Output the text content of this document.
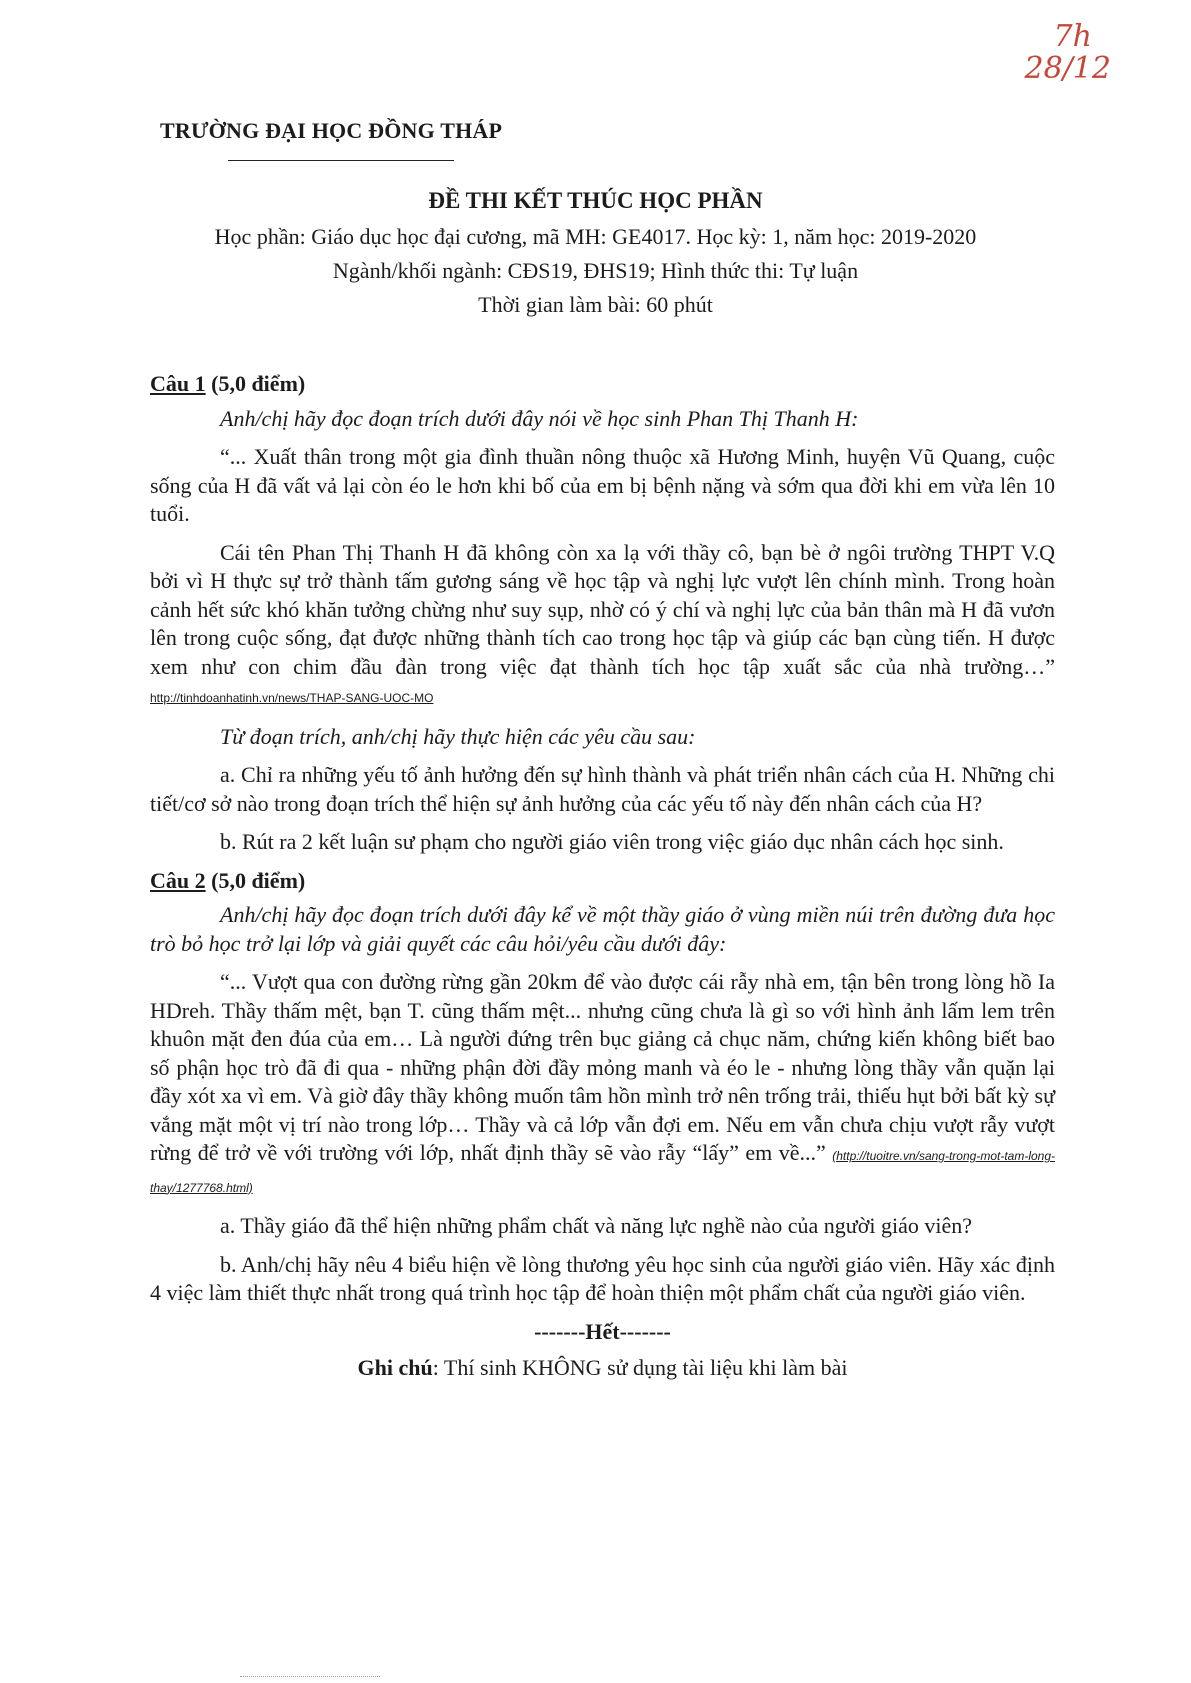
7h
28/12
TRƯỜNG ĐẠI HỌC ĐỒNG THÁP
ĐỀ THI KẾT THÚC HỌC PHẦN
Học phần: Giáo dục học đại cương, mã MH: GE4017. Học kỳ: 1, năm học: 2019-2020
Ngành/khối ngành: CĐS19, ĐHS19; Hình thức thi: Tự luận
Thời gian làm bài: 60 phút
Câu 1 (5,0 điểm)

Anh/chị hãy đọc đoạn trích dưới đây nói về học sinh Phan Thị Thanh H:

“... Xuất thân trong một gia đình thuần nông thuộc xã Hương Minh, huyện Vũ Quang, cuộc sống của H đã vất vả lại còn éo le hơn khi bố của em bị bệnh nặng và sớm qua đời khi em vừa lên 10 tuổi.

Cái tên Phan Thị Thanh H đã không còn xa lạ với thầy cô, bạn bè ở ngôi trường THPT V.Q bởi vì H thực sự trở thành tấm gương sáng về học tập và nghị lực vượt lên chính mình. Trong hoàn cảnh hết sức khó khăn tưởng chừng như suy sụp, nhờ có ý chí và nghị lực của bản thân mà H đã vươn lên trong cuộc sống, đạt được những thành tích cao trong học tập và giúp các bạn cùng tiến. H được xem như con chim đầu đàn trong việc đạt thành tích học tập xuất sắc của nhà trường…” http://tinhdoanhatinh.vn/news/THAP-SANG-UOC-MO

Từ đoạn trích, anh/chị hãy thực hiện các yêu cầu sau:

a. Chỉ ra những yếu tố ảnh hưởng đến sự hình thành và phát triển nhân cách của H. Những chi tiết/cơ sở nào trong đoạn trích thể hiện sự ảnh hưởng của các yếu tố này đến nhân cách của H?

b. Rút ra 2 kết luận sư phạm cho người giáo viên trong việc giáo dục nhân cách học sinh.

Câu 2 (5,0 điểm)

Anh/chị hãy đọc đoạn trích dưới đây kể về một thầy giáo ở vùng miền núi trên đường đưa học trò bỏ học trở lại lớp và giải quyết các câu hỏi/yêu cầu dưới đây:

“... Vượt qua con đường rừng gần 20km để vào được cái rẫy nhà em, tận bên trong lòng hồ Ia HDreh. Thầy thấm mệt, bạn T. cũng thấm mệt... nhưng cũng chưa là gì so với hình ảnh lấm lem trên khuôn mặt đen đúa của em… Là người đứng trên bục giảng cả chục năm, chứng kiến không biết bao số phận học trò đã đi qua - những phận đời đầy mỏng manh và éo le - nhưng lòng thầy vẫn quặn lại đầy xót xa vì em. Và giờ đây thầy không muốn tâm hồn mình trở nên trống trải, thiếu hụt bởi bất kỳ sự vắng mặt một vị trí nào trong lớp… Thầy và cả lớp vẫn đợi em. Nếu em vẫn chưa chịu vượt rẫy vượt rừng để trở về với trường với lớp, nhất định thầy sẽ vào rẫy “lấy” em về...” (http://tuoitre.vn/sang-trong-mot-tam-long-thay/1277768.html)

a. Thầy giáo đã thể hiện những phẩm chất và năng lực nghề nào của người giáo viên?

b. Anh/chị hãy nêu 4 biểu hiện về lòng thương yêu học sinh của người giáo viên. Hãy xác định 4 việc làm thiết thực nhất trong quá trình học tập để hoàn thiện một phẩm chất của người giáo viên.

-------Hết-------
Ghi chú: Thí sinh KHÔNG sử dụng tài liệu khi làm bài
